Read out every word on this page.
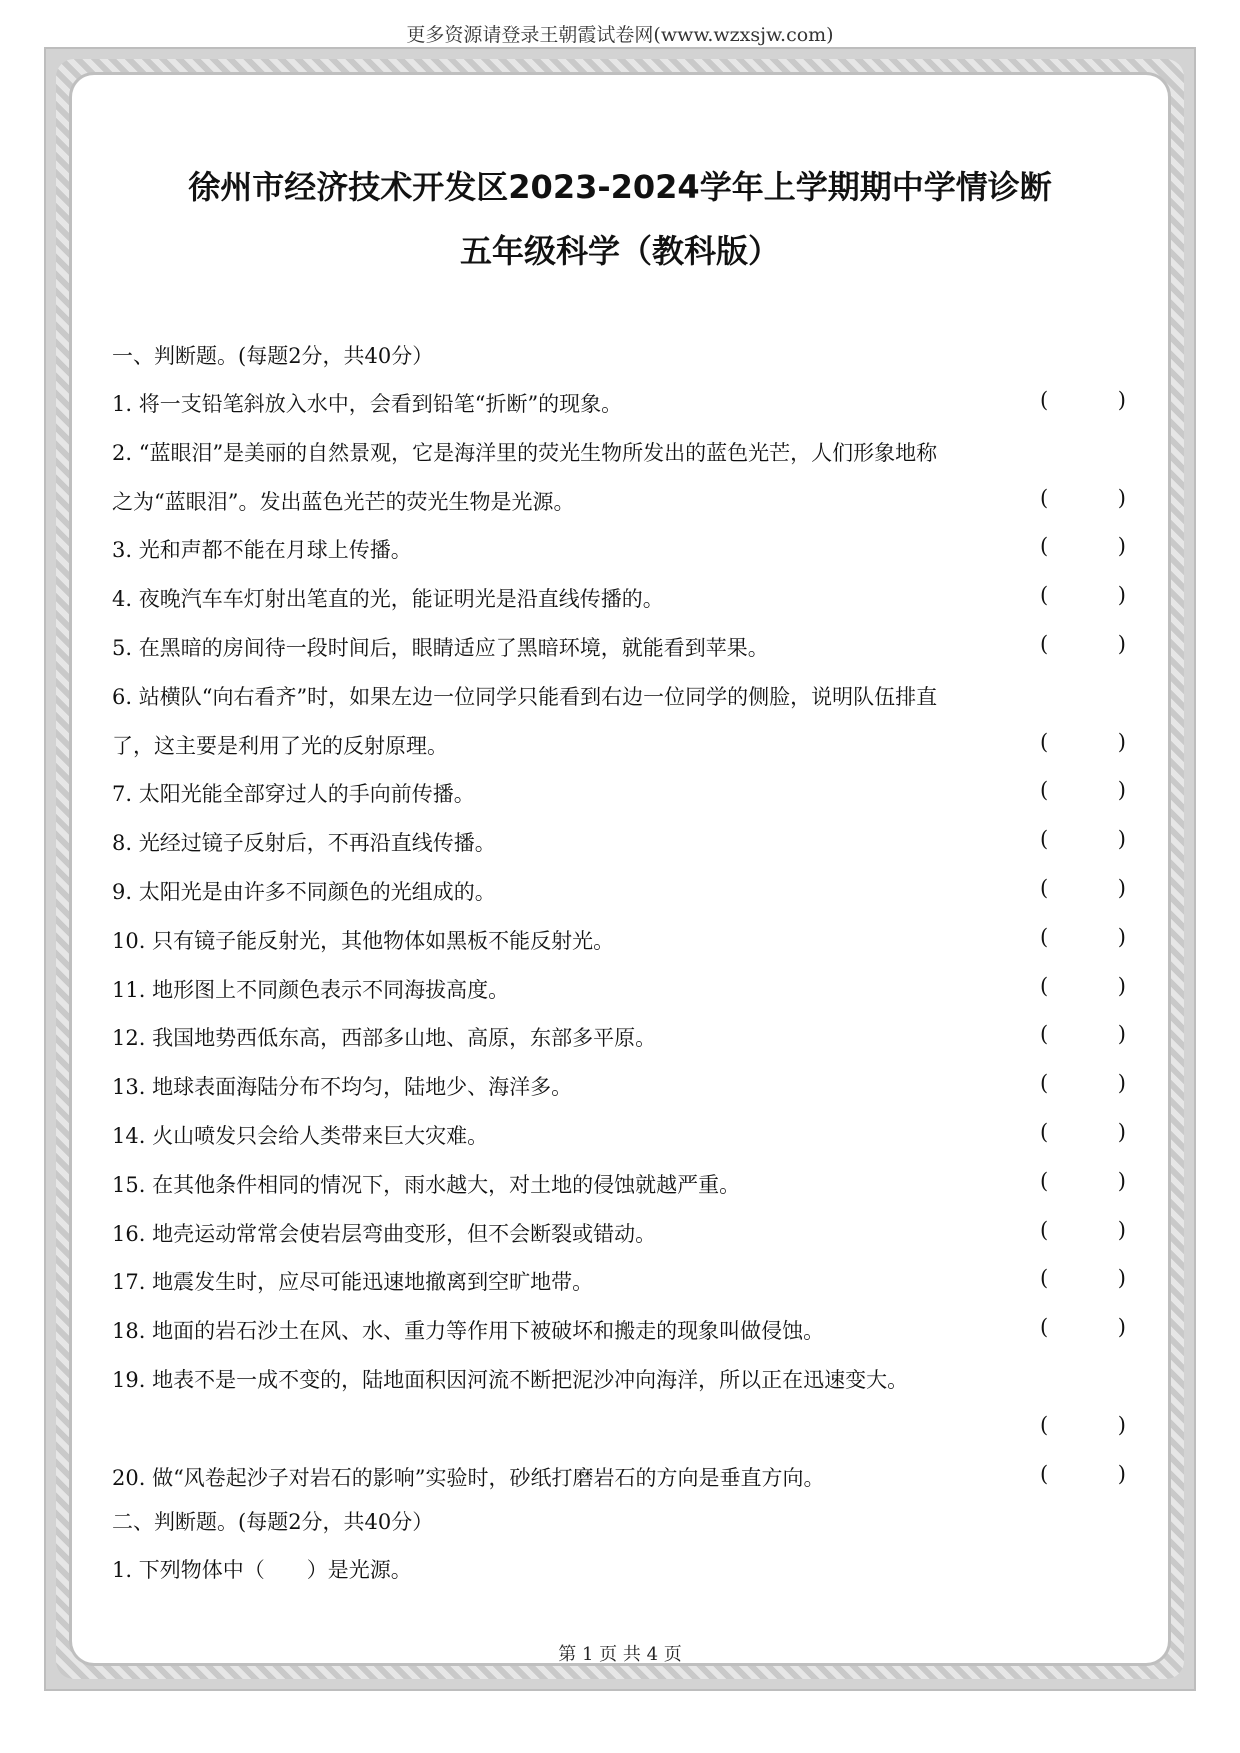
更多资源请登录王朝霞试卷网(www.wzxsjw.com)
徐州市经济技术开发区2023-2024学年上学期期中学情诊断
五年级科学（教科版）
一、判断题。(每题2分，共40分）
1. 将一支铅笔斜放入水中，会看到铅笔“折断”的现象。	(	)
2. “蓝眼泪”是美丽的自然景观，它是海洋里的荧光生物所发出的蓝色光芒，人们形象地称
之为“蓝眼泪”。发出蓝色光芒的荧光生物是光源。	(	)
3. 光和声都不能在月球上传播。	(	)
4. 夜晚汽车车灯射出笔直的光，能证明光是沿直线传播的。	(	)
5. 在黑暗的房间待一段时间后，眼睛适应了黑暗环境，就能看到苹果。	(	)
6. 站横队“向右看齐”时，如果左边一位同学只能看到右边一位同学的侧脸，说明队伍排直
了，这主要是利用了光的反射原理。	(	)
7. 太阳光能全部穿过人的手向前传播。	(	)
8. 光经过镜子反射后，不再沿直线传播。	(	)
9. 太阳光是由许多不同颜色的光组成的。	(	)
10. 只有镜子能反射光，其他物体如黑板不能反射光。	(	)
11. 地形图上不同颜色表示不同海拔高度。	(	)
12. 我国地势西低东高，西部多山地、高原，东部多平原。	(	)
13. 地球表面海陆分布不均匀，陆地少、海洋多。	(	)
14. 火山喷发只会给人类带来巨大灾难。	(	)
15. 在其他条件相同的情况下，雨水越大，对土地的侵蚀就越严重。	(	)
16. 地壳运动常常会使岩层弯曲变形，但不会断裂或错动。	(	)
17. 地震发生时，应尽可能迅速地撤离到空旷地带。	(	)
18. 地面的岩石沙土在风、水、重力等作用下被破坏和搬走的现象叫做侵蚀。	(	)
19. 地表不是一成不变的，陆地面积因河流不断把泥沙冲向海洋，所以正在迅速变大。
(	)
20. 做“风卷起沙子对岩石的影响”实验时，砂纸打磨岩石的方向是垂直方向。	(	)
二、判断题。(每题2分，共40分）
1. 下列物体中（　　）是光源。
第 1 页 共 4 页
